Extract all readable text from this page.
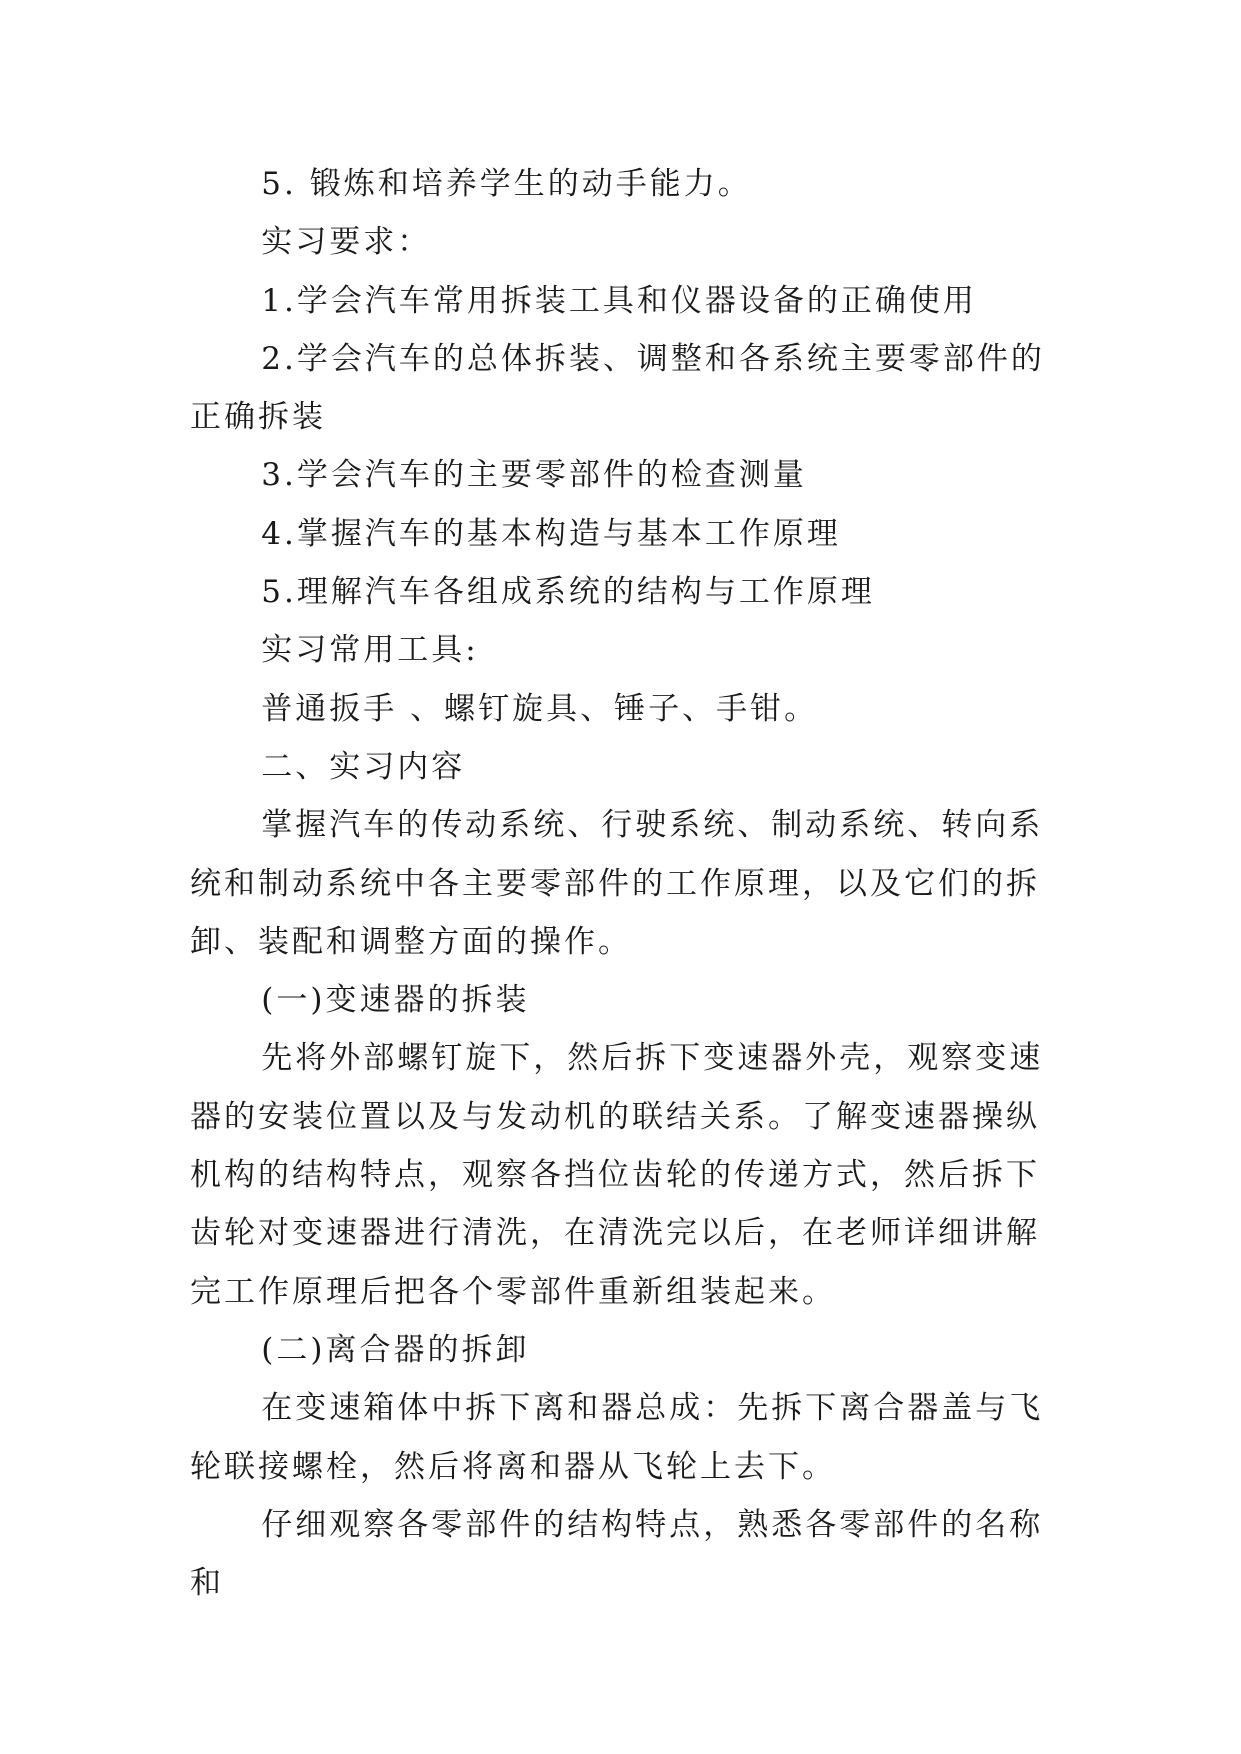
5. 锻炼和培养学生的动手能力。

实习要求：

1.学会汽车常用拆装工具和仪器设备的正确使用

2.学会汽车的总体拆装、调整和各系统主要零部件的正确拆装

3.学会汽车的主要零部件的检查测量

4.掌握汽车的基本构造与基本工作原理

5.理解汽车各组成系统的结构与工作原理

实习常用工具:

普通扳手 、螺钉旋具、锤子、手钳。

二、实习内容

掌握汽车的传动系统、行驶系统、制动系统、转向系统和制动系统中各主要零部件的工作原理，以及它们的拆卸、装配和调整方面的操作。

(一)变速器的拆装

先将外部螺钉旋下，然后拆下变速器外壳，观察变速器的安装位置以及与发动机的联结关系。了解变速器操纵机构的结构特点，观察各挡位齿轮的传递方式，然后拆下齿轮对变速器进行清洗，在清洗完以后，在老师详细讲解完工作原理后把各个零部件重新组装起来。

(二)离合器的拆卸

在变速箱体中拆下离和器总成：先拆下离合器盖与飞轮联接螺栓，然后将离和器从飞轮上去下。

仔细观察各零部件的结构特点，熟悉各零部件的名称和
